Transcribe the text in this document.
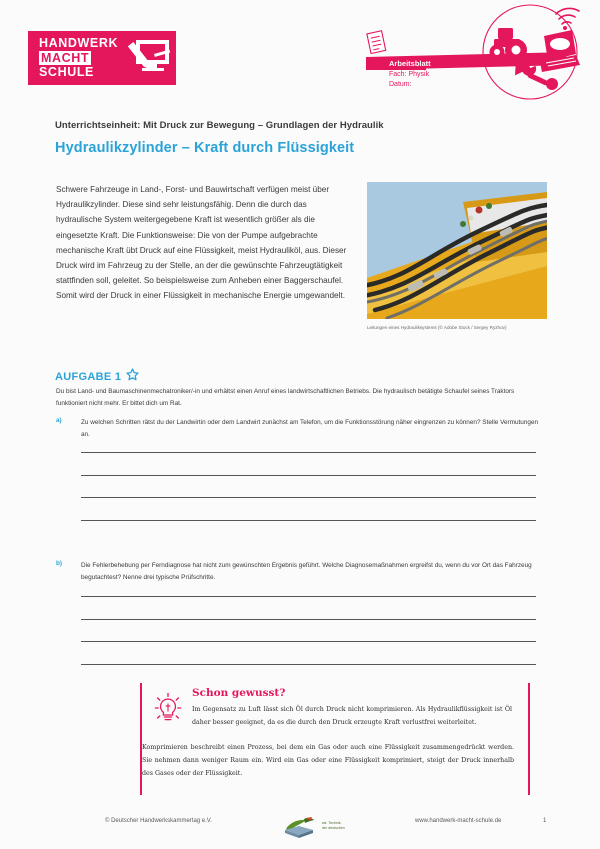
HANDWERK
MACHT
SCHULE
Arbeitsblatt
Fach: Physik
Datum:
Unterrichtseinheit: Mit Druck zur Bewegung – Grundlagen der Hydraulik
Hydraulikzylinder – Kraft durch Flüssigkeit
Schwere Fahrzeuge in Land-, Forst- und Bauwirtschaft verfügen meist über Hydraulikzylinder. Diese sind sehr leistungsfähig. Denn die durch das hydraulische System weitergegebene Kraft ist wesentlich größer als die eingesetzte Kraft. Die Funktionsweise: Die von der Pumpe aufgebrachte mechanische Kraft übt Druck auf eine Flüssigkeit, meist Hydrauliköl, aus. Dieser Druck wird im Fahrzeug zu der Stelle, an der die gewünschte Fahrzeugtätigkeit stattfinden soll, geleitet. So beispielsweise zum Anheben einer Baggerschaufel. Somit wird der Druck in einer Flüssigkeit in mechanische Energie umgewandelt.
Leitungen eines Hydrauliksystems (© Adobe Stock / Sergey Ryzhov)
AUFGABE 1
Du bist Land- und Baumaschinenmechatroniker/-in und erhältst einen Anruf eines landwirtschaftlichen Betriebs. Die hydraulisch betätigte Schaufel seines Traktors funktioniert nicht mehr. Er bittet dich um Rat.
a)	Zu welchen Schritten rätst du der Landwirtin oder dem Landwirt zunächst am Telefon, um die Funktionsstörung näher eingrenzen zu können? Stelle Vermutungen an.
b)	Die Fehlerbehebung per Ferndiagnose hat nicht zum gewünschten Ergebnis geführt. Welche Diagnosemaßnahmen ergreifst du, wenn du vor Ort das Fahrzeug begutachtest? Nenne drei typische Prüfschritte.
Schon gewusst?
Im Gegensatz zu Luft lässt sich Öl durch Druck nicht komprimieren. Als Hydraulikflüssigkeit ist Öl daher besser geeignet, da es die durch den Druck erzeugte Kraft verlustfrei weiterleitet.
Komprimieren beschreibt einen Prozess, bei dem ein Gas oder auch eine Flüssigkeit zusammengedrückt werden. Sie nehmen dann weniger Raum ein. Wird ein Gas oder eine Flüssigkeit komprimiert, steigt der Druck innerhalb des Gases oder der Flüssigkeit.
© Deutscher Handwerkskammertag e.V.	wir. Technik.
der deutschen
www.handwerk-macht-schule.de	1
